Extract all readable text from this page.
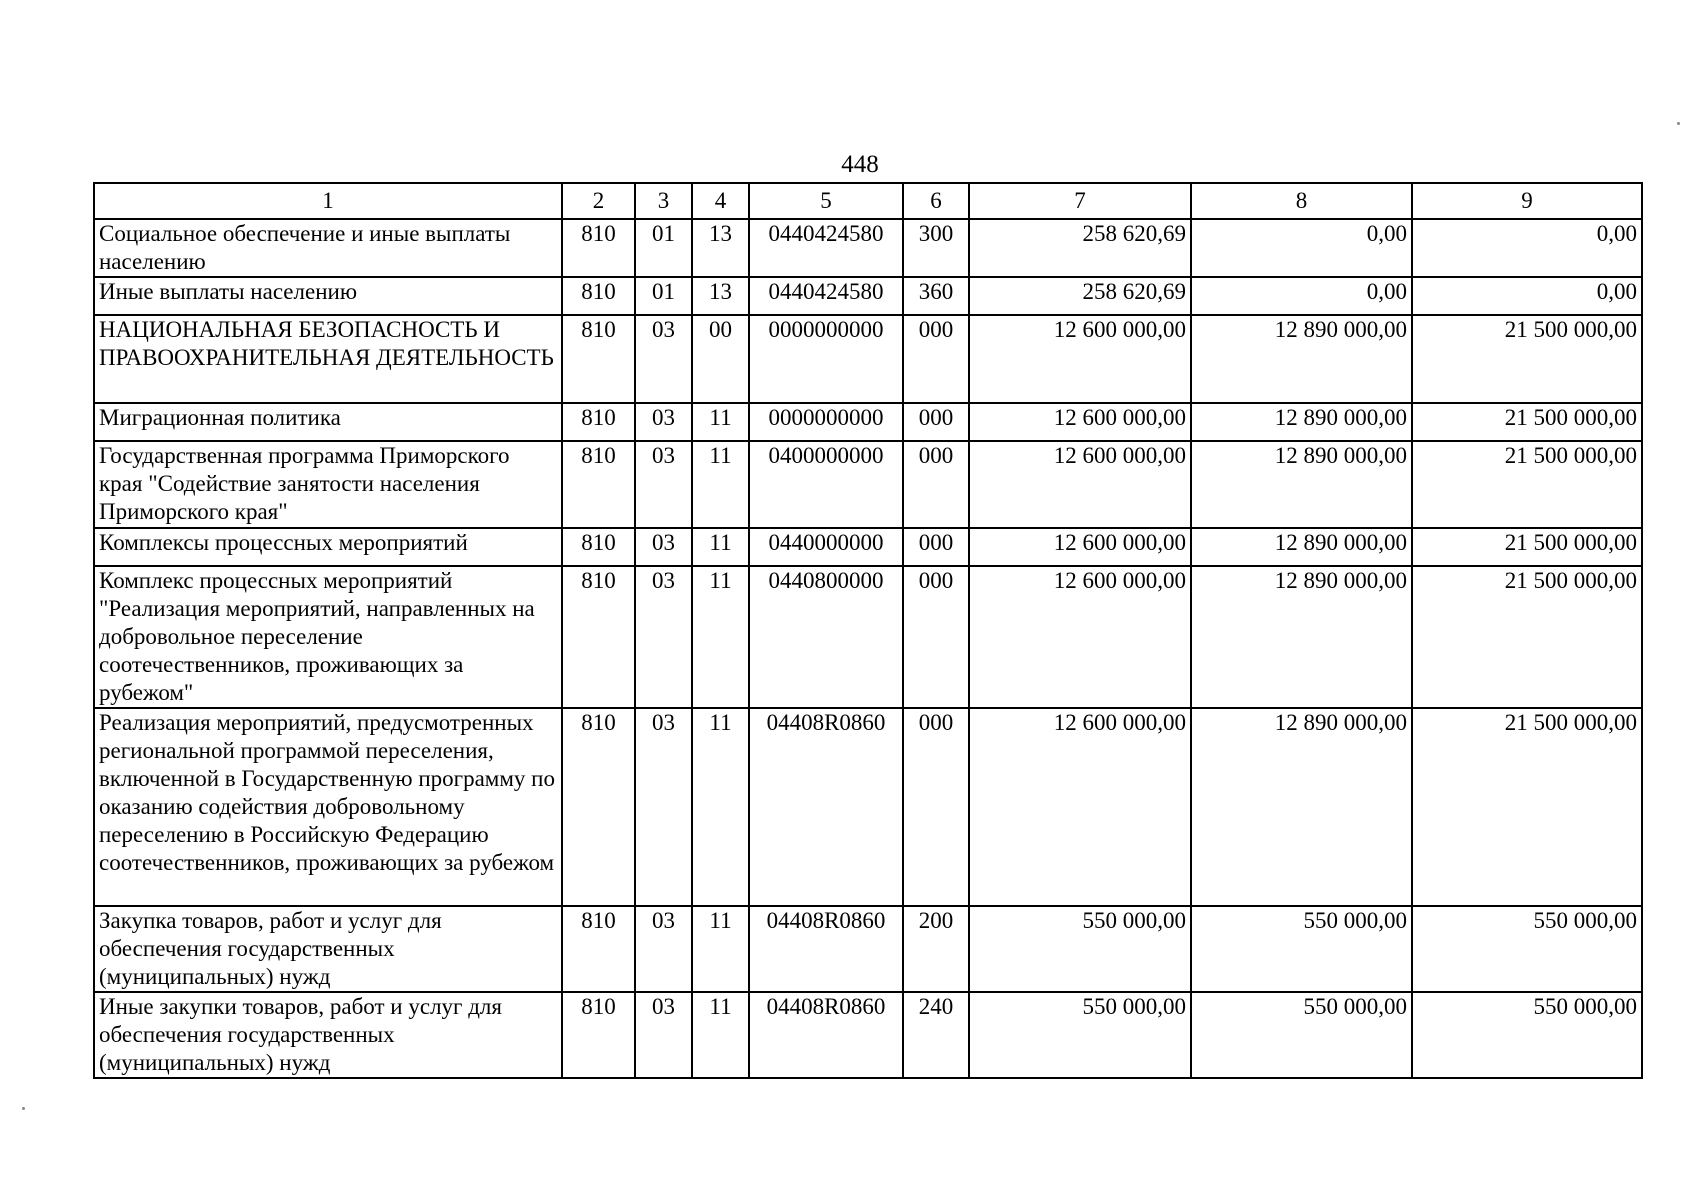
448
1	2	3	4	5	6	7	8	9
Социальное обеспечение и иные выплаты населению	810	01	13	0440424580	300	258 620,69	0,00	0,00
Иные выплаты населению	810	01	13	0440424580	360	258 620,69	0,00	0,00
НАЦИОНАЛЬНАЯ БЕЗОПАСНОСТЬ И ПРАВООХРАНИТЕЛЬНАЯ ДЕЯТЕЛЬНОСТЬ	810	03	00	0000000000	000	12 600 000,00	12 890 000,00	21 500 000,00
Миграционная политика	810	03	11	0000000000	000	12 600 000,00	12 890 000,00	21 500 000,00
Государственная программа Приморского края "Содействие занятости населения Приморского края"	810	03	11	0400000000	000	12 600 000,00	12 890 000,00	21 500 000,00
Комплексы процессных мероприятий	810	03	11	0440000000	000	12 600 000,00	12 890 000,00	21 500 000,00
Комплекс процессных мероприятий "Реализация мероприятий, направленных на добровольное переселение соотечественников, проживающих за рубежом"	810	03	11	0440800000	000	12 600 000,00	12 890 000,00	21 500 000,00
Реализация мероприятий, предусмотренных региональной программой переселения, включенной в Государственную программу по оказанию содействия добровольному переселению в Российскую Федерацию соотечественников, проживающих за рубежом	810	03	11	04408R0860	000	12 600 000,00	12 890 000,00	21 500 000,00
Закупка товаров, работ и услуг для обеспечения государственных (муниципальных) нужд	810	03	11	04408R0860	200	550 000,00	550 000,00	550 000,00
Иные закупки товаров, работ и услуг для обеспечения государственных (муниципальных) нужд	810	03	11	04408R0860	240	550 000,00	550 000,00	550 000,00
